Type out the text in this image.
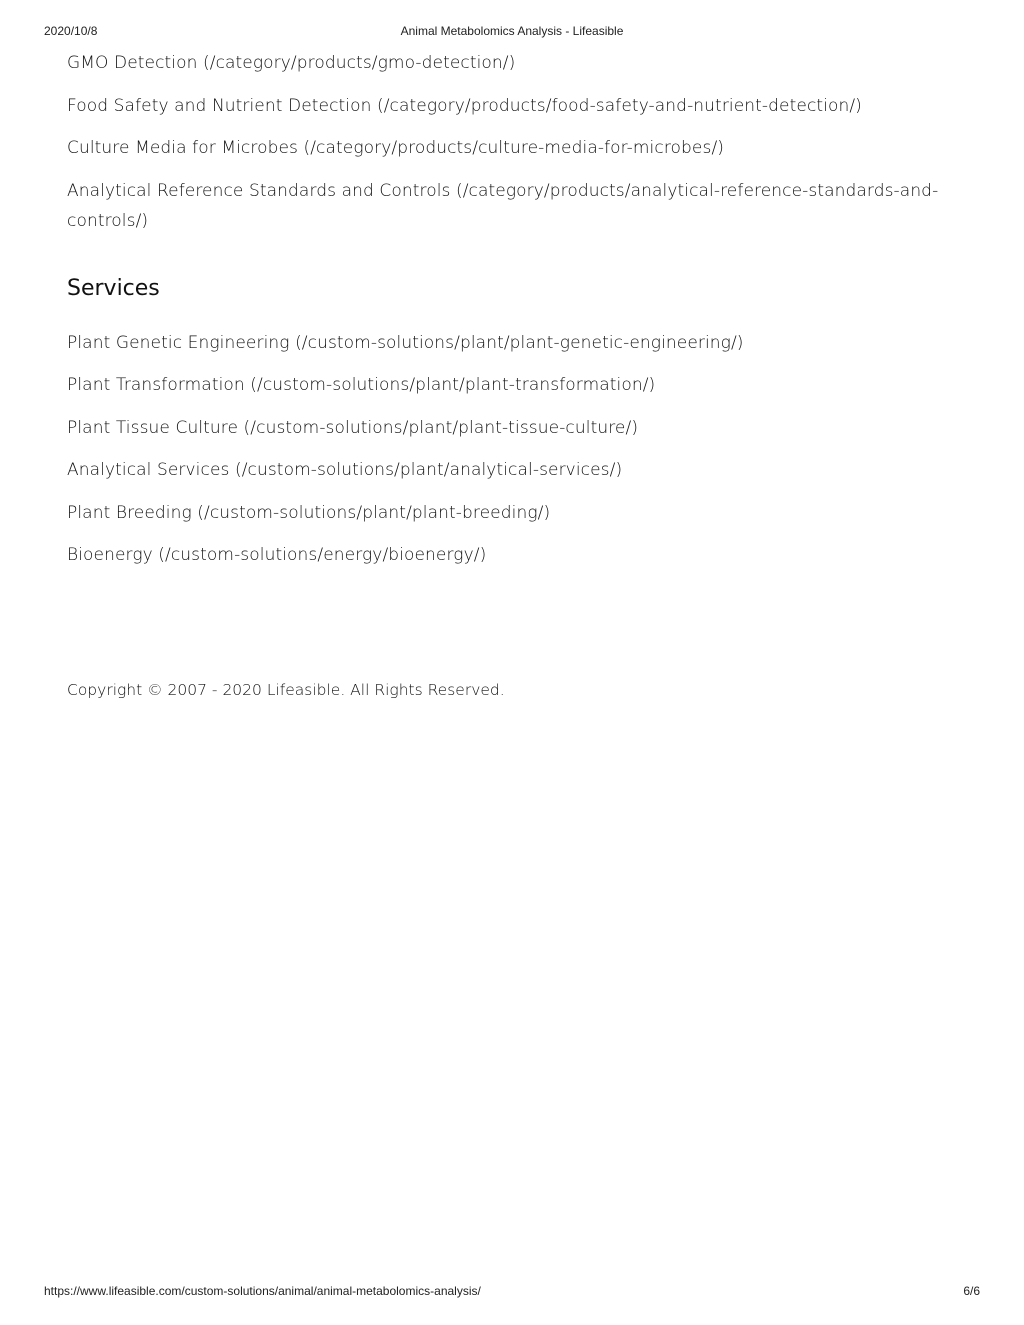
2020/10/8	Animal Metabolomics Analysis - Lifeasible
GMO Detection (/category/products/gmo-detection/)
Food Safety and Nutrient Detection (/category/products/food-safety-and-nutrient-detection/)
Culture Media for Microbes (/category/products/culture-media-for-microbes/)
Analytical Reference Standards and Controls (/category/products/analytical-reference-standards-and-controls/)
Services
Plant Genetic Engineering (/custom-solutions/plant/plant-genetic-engineering/)
Plant Transformation (/custom-solutions/plant/plant-transformation/)
Plant Tissue Culture (/custom-solutions/plant/plant-tissue-culture/)
Analytical Services (/custom-solutions/plant/analytical-services/)
Plant Breeding (/custom-solutions/plant/plant-breeding/)
Bioenergy (/custom-solutions/energy/bioenergy/)
Copyright © 2007 - 2020 Lifeasible. All Rights Reserved.
https://www.lifeasible.com/custom-solutions/animal/animal-metabolomics-analysis/	6/6
